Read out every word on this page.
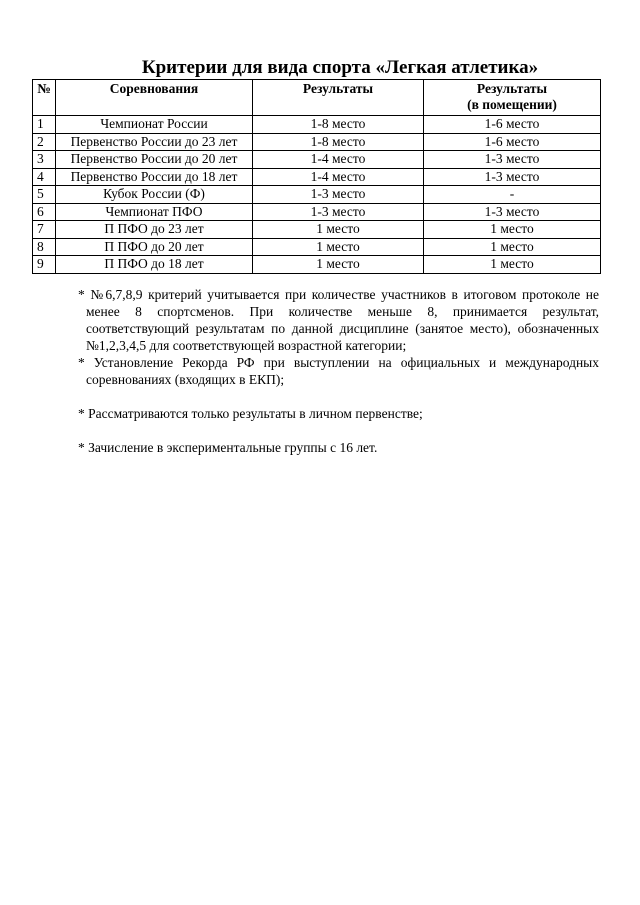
Критерии для вида спорта «Легкая атлетика»
№	Соревнования	Результаты	Результаты
(в помещении)

1	Чемпионат России	1-8 место	1-6 место
2	Первенство России до 23 лет	1-8 место	1-6 место
3	Первенство России до 20 лет	1-4 место	1-3 место
4	Первенство России до 18 лет	1-4 место	1-3 место
5	Кубок России (Ф)	1-3 место	-
6	Чемпионат ПФО	1-3 место	1-3 место
7	П ПФО до 23 лет	1 место	1 место
8	П ПФО до 20 лет	1 место	1 место
9	П ПФО до 18 лет	1 место	1 место

* №6,7,8,9 критерий учитывается при количестве участников в итоговом протоколе не менее 8 спортсменов. При количестве меньше 8, принимается результат, соответствующий результатам по данной дисциплине (занятое место), обозначенных №1,2,3,4,5 для соответствующей возрастной категории;

* Установление Рекорда РФ при выступлении на официальных и международных соревнованиях (входящих в ЕКП);

* Рассматриваются только результаты в личном первенстве;

* Зачисление в экспериментальные группы с 16 лет.
